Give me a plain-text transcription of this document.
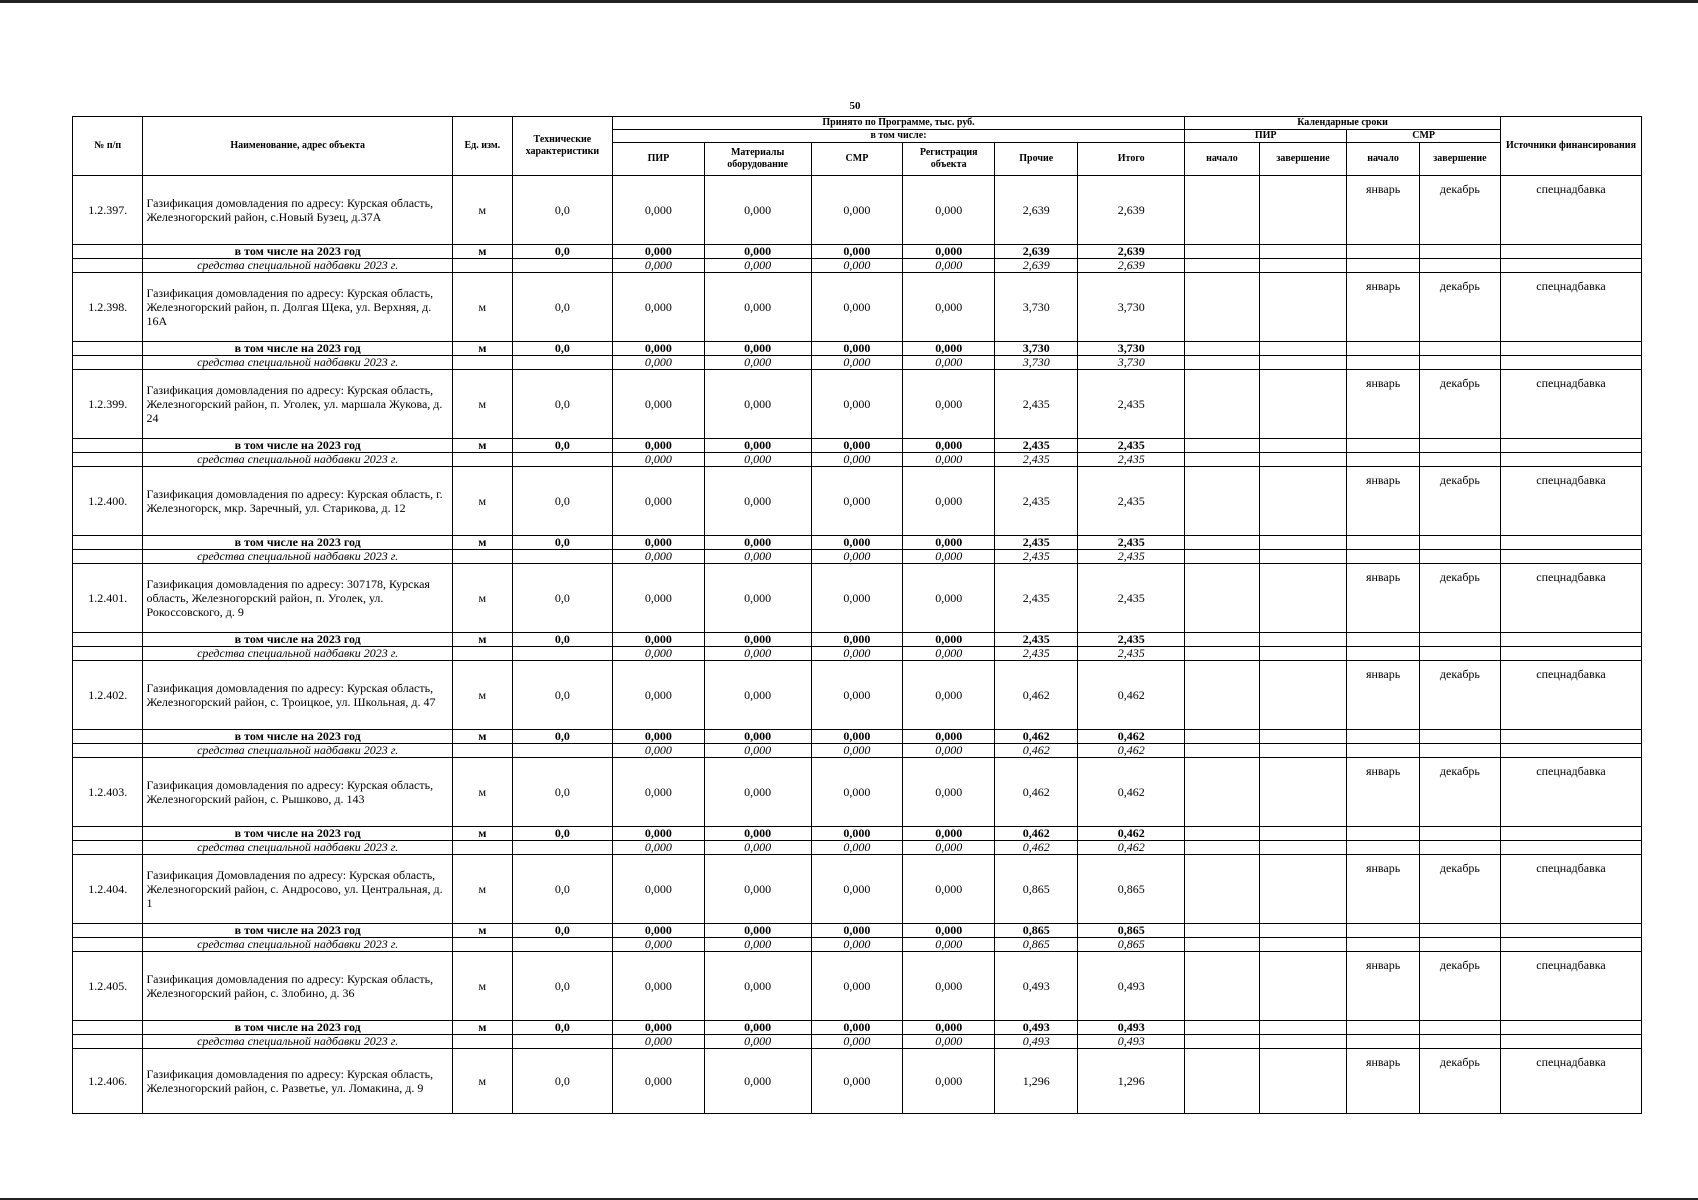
50
№ п/п	Наименование, адрес объекта	Ед. изм.	Технические характеристики	Принято по Программе, тыс. руб.						Календарные сроки				Источники финансирования
				в том числе:						ПИР		СМР		
				ПИР	Материалы оборудование	СМР	Регистрация объекта	Прочие	Итого	начало	завершение	начало	завершение	
1.2.397.	Газификация домовладения по адресу: Курская область, Железногорский район, с.Новый Бузец, д.37А	м	0,0	0,000	0,000	0,000	0,000	2,639	2,639			январь	декабрь	спецнадбавка
	в том числе на 2023 год	м	0,0	0,000	0,000	0,000	0,000	2,639	2,639					
	средства специальной надбавки 2023 г.			0,000	0,000	0,000	0,000	2,639	2,639					
1.2.398.	Газификация домовладения по адресу: Курская область, Железногорский район, п. Долгая Щека, ул. Верхняя, д. 16А	м	0,0	0,000	0,000	0,000	0,000	3,730	3,730			январь	декабрь	спецнадбавка
	в том числе на 2023 год	м	0,0	0,000	0,000	0,000	0,000	3,730	3,730					
	средства специальной надбавки 2023 г.			0,000	0,000	0,000	0,000	3,730	3,730					
1.2.399.	Газификация домовладения по адресу: Курская область, Железногорский район, п. Уголек, ул. маршала Жукова, д. 24	м	0,0	0,000	0,000	0,000	0,000	2,435	2,435			январь	декабрь	спецнадбавка
	в том числе на 2023 год	м	0,0	0,000	0,000	0,000	0,000	2,435	2,435					
	средства специальной надбавки 2023 г.			0,000	0,000	0,000	0,000	2,435	2,435					
1.2.400.	Газификация домовладения по адресу: Курская область, г. Железногорск, мкр. Заречный, ул. Старикова, д. 12	м	0,0	0,000	0,000	0,000	0,000	2,435	2,435			январь	декабрь	спецнадбавка
	в том числе на 2023 год	м	0,0	0,000	0,000	0,000	0,000	2,435	2,435					
	средства специальной надбавки 2023 г.			0,000	0,000	0,000	0,000	2,435	2,435					
1.2.401.	Газификация домовладения по адресу: 307178, Курская область, Железногорский район, п. Уголек, ул. Рокоссовского, д. 9	м	0,0	0,000	0,000	0,000	0,000	2,435	2,435			январь	декабрь	спецнадбавка
	в том числе на 2023 год	м	0,0	0,000	0,000	0,000	0,000	2,435	2,435					
	средства специальной надбавки 2023 г.			0,000	0,000	0,000	0,000	2,435	2,435					
1.2.402.	Газификация домовладения по адресу: Курская область, Железногорский район, с. Троицкое, ул. Школьная, д. 47	м	0,0	0,000	0,000	0,000	0,000	0,462	0,462			январь	декабрь	спецнадбавка
	в том числе на 2023 год	м	0,0	0,000	0,000	0,000	0,000	0,462	0,462					
	средства специальной надбавки 2023 г.			0,000	0,000	0,000	0,000	0,462	0,462					
1.2.403.	Газификация домовладения по адресу: Курская область, Железногорский район, с. Рышково, д. 143	м	0,0	0,000	0,000	0,000	0,000	0,462	0,462			январь	декабрь	спецнадбавка
	в том числе на 2023 год	м	0,0	0,000	0,000	0,000	0,000	0,462	0,462					
	средства специальной надбавки 2023 г.			0,000	0,000	0,000	0,000	0,462	0,462					
1.2.404.	Газификация Домовладения по адресу: Курская область, Железногорский район, с. Андросово, ул. Центральная, д. 1	м	0,0	0,000	0,000	0,000	0,000	0,865	0,865			январь	декабрь	спецнадбавка
	в том числе на 2023 год	м	0,0	0,000	0,000	0,000	0,000	0,865	0,865					
	средства специальной надбавки 2023 г.			0,000	0,000	0,000	0,000	0,865	0,865					
1.2.405.	Газификация домовладения по адресу: Курская область, Железногорский район, с. Злобино, д. 36	м	0,0	0,000	0,000	0,000	0,000	0,493	0,493			январь	декабрь	спецнадбавка
	в том числе на 2023 год	м	0,0	0,000	0,000	0,000	0,000	0,493	0,493					
	средства специальной надбавки 2023 г.			0,000	0,000	0,000	0,000	0,493	0,493					
1.2.406.	Газификация домовладения по адресу: Курская область, Железногорский район, с. Разветье, ул. Ломакина, д. 9	м	0,0	0,000	0,000	0,000	0,000	1,296	1,296			январь	декабрь	спецнадбавка
